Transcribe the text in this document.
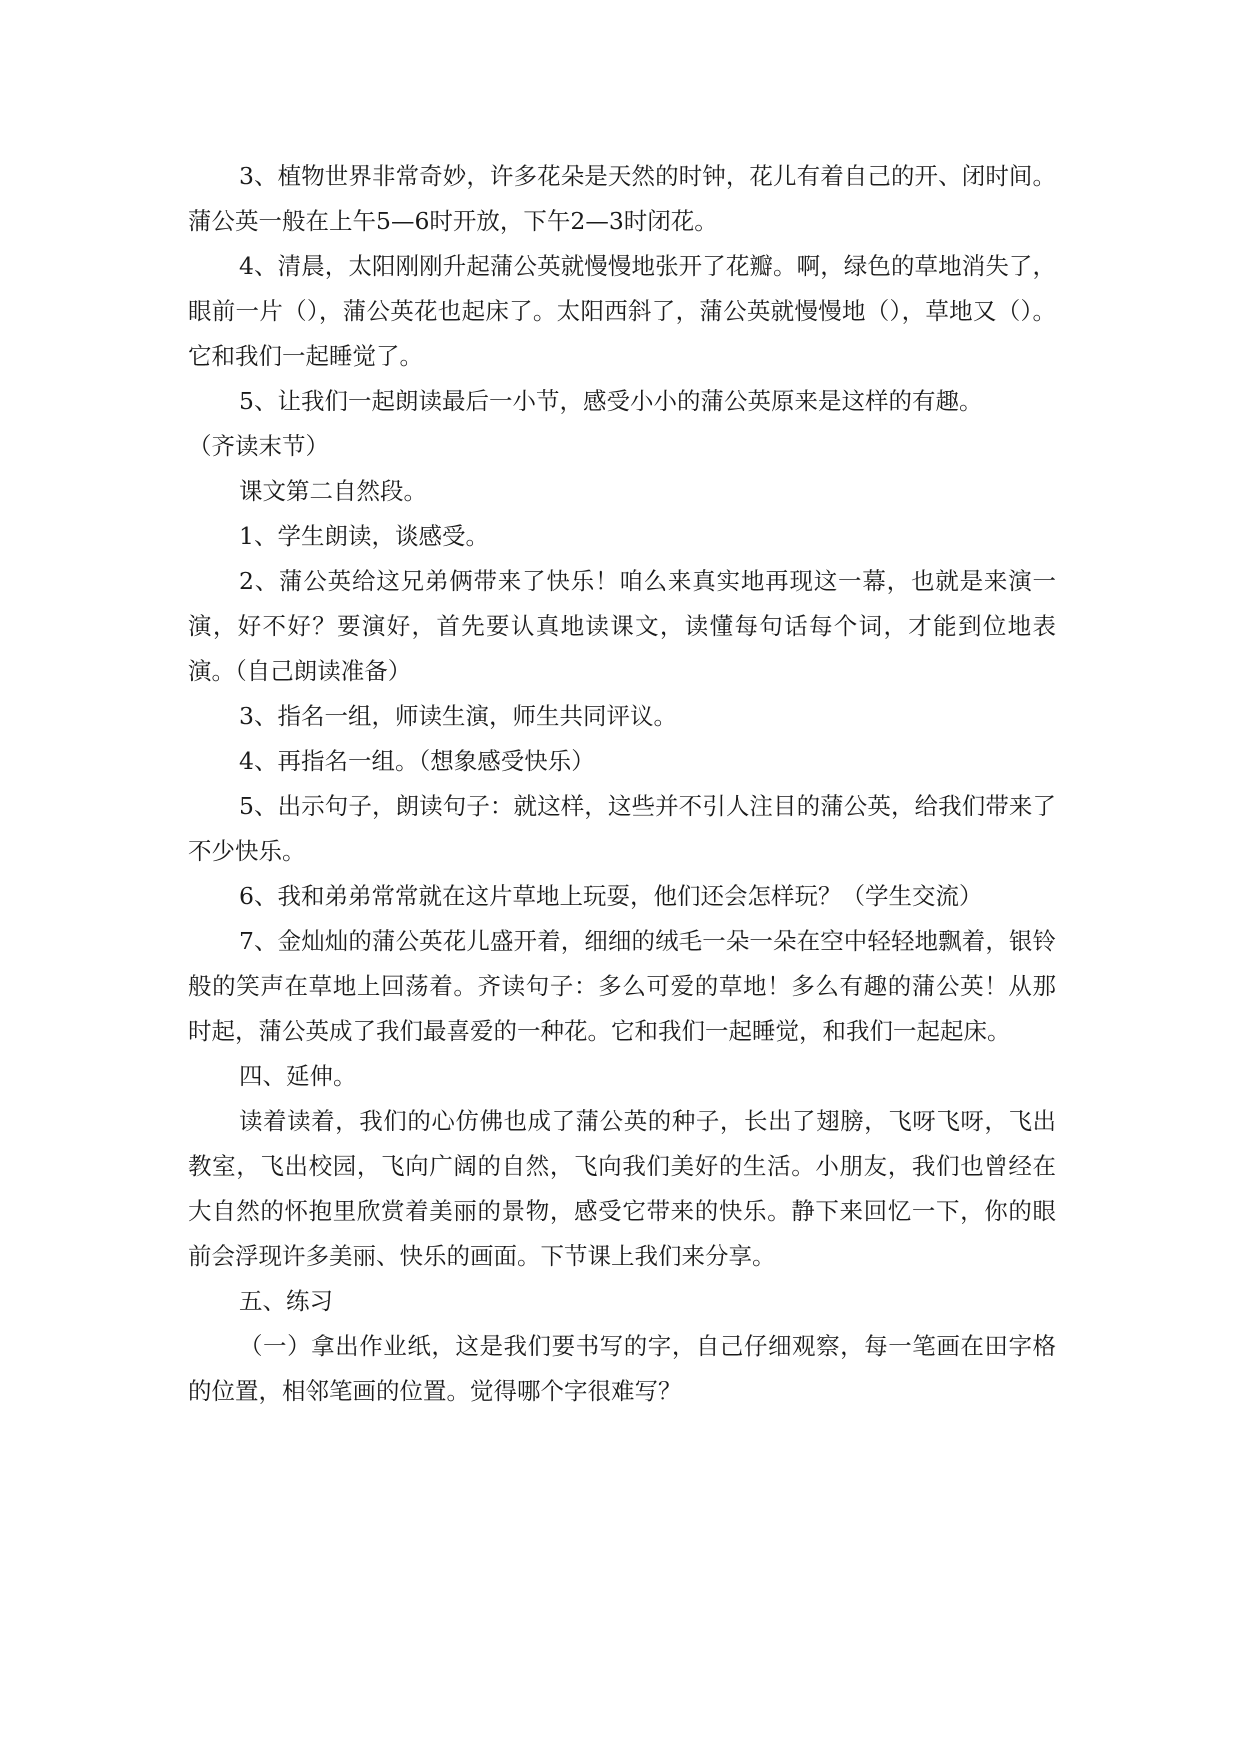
3、植物世界非常奇妙，许多花朵是天然的时钟，花儿有着自己的开、闭时间。蒲公英一般在上午5—6时开放，下午2—3时闭花。

4、清晨，太阳刚刚升起蒲公英就慢慢地张开了花瓣。啊，绿色的草地消失了，眼前一片（），蒲公英花也起床了。太阳西斜了，蒲公英就慢慢地（），草地又（）。它和我们一起睡觉了。

5、让我们一起朗读最后一小节，感受小小的蒲公英原来是这样的有趣。

（齐读末节）

课文第二自然段。

1、学生朗读，谈感受。

2、蒲公英给这兄弟俩带来了快乐！咱么来真实地再现这一幕，也就是来演一演，好不好？要演好，首先要认真地读课文，读懂每句话每个词，才能到位地表演。（自己朗读准备）

3、指名一组，师读生演，师生共同评议。

4、再指名一组。（想象感受快乐）

5、出示句子，朗读句子：就这样，这些并不引人注目的蒲公英，给我们带来了不少快乐。

6、我和弟弟常常就在这片草地上玩耍，他们还会怎样玩？（学生交流）

7、金灿灿的蒲公英花儿盛开着，细细的绒毛一朵一朵在空中轻轻地飘着，银铃般的笑声在草地上回荡着。齐读句子：多么可爱的草地！多么有趣的蒲公英！从那时起，蒲公英成了我们最喜爱的一种花。它和我们一起睡觉，和我们一起起床。

四、延伸。

读着读着，我们的心仿佛也成了蒲公英的种子，长出了翅膀，飞呀飞呀，飞出教室，飞出校园，飞向广阔的自然，飞向我们美好的生活。小朋友，我们也曾经在大自然的怀抱里欣赏着美丽的景物，感受它带来的快乐。静下来回忆一下，你的眼前会浮现许多美丽、快乐的画面。下节课上我们来分享。

五、练习

（一）拿出作业纸，这是我们要书写的字，自己仔细观察，每一笔画在田字格的位置，相邻笔画的位置。觉得哪个字很难写？
